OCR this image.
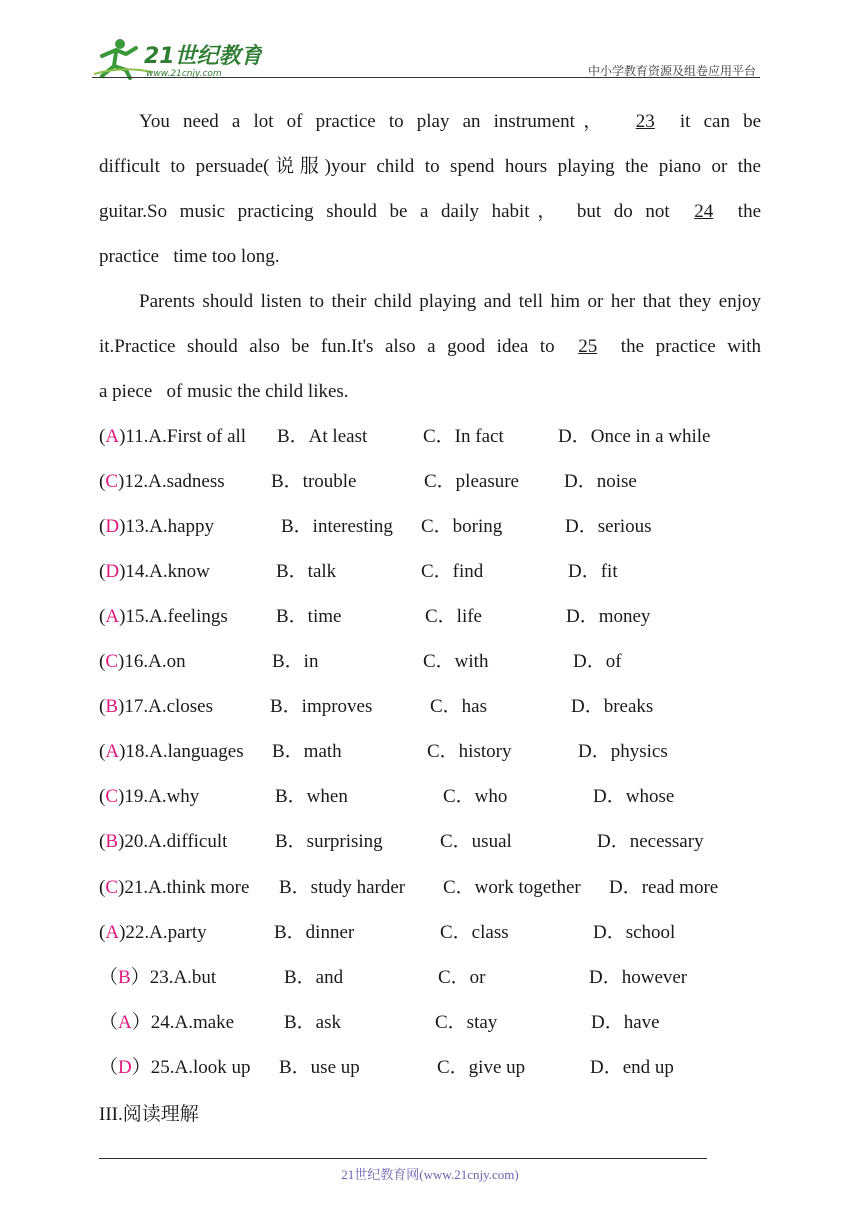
21世纪教育
www.21cnjy.com	中小学教育资源及组卷应用平台
You need a lot of practice to play an instrument， 23 it can be
difficult to persuade(说服)your child to spend hours playing the piano or the
guitar.So music practicing should be a daily habit， but do not 24 the
practice   time too long.
Parents should listen to their child playing and tell him or her that they enjoy
it.Practice should also be fun.It's also a good idea to 25 the practice with
a piece   of music the child likes.
(A)11.A.First of all B．At least	C．In fact	D．Once in a while
(C)12.A.sadness B．trouble	C．pleasure D．noise
(D)13.A.happy	B．interesting C．boring	D．serious
(D)14.A.know	B．talk	C．find	D．fit
(A)15.A.feelings	B．time	C．life	D．money
(C)16.A.on	B．in	C．with	D．of
(B)17.A.closes	B．improves	C．has	D．breaks
(A)18.A.languages B．math	C．history	D．physics
(C)19.A.why	B．when	C．who	D．whose
(B)20.A.difficult	B．surprising	C．usual	D．necessary
(C)21.A.think more B．study harder C．work together D．read more
(A)22.A.party	B．dinner	C．class	D．school
（B）23.A.but	B．and	C．or	D．however
（A）24.A.make	B．ask	C．stay	D．have
（D）25.A.look up B．use up	C．give up	D．end up
III.阅读理解
21世纪教育网(www.21cnjy.com)
